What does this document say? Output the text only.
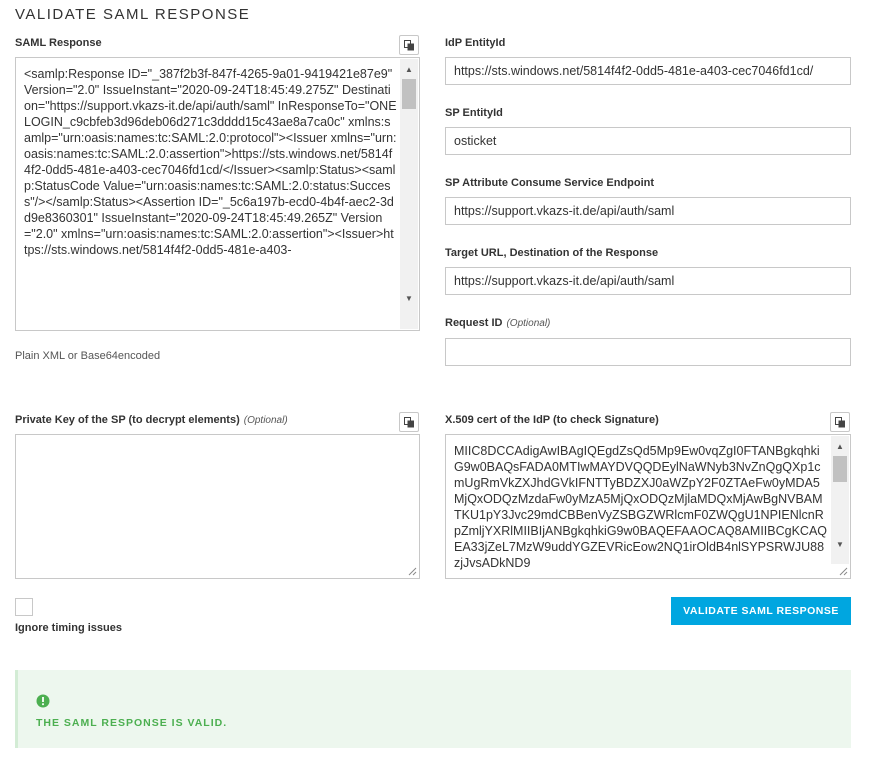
VALIDATE SAML RESPONSE
SAML Response
<samlp:Response ID="_387f2b3f-847f-4265-9a01-9419421e87e9" Version="2.0" IssueInstant="2020-09-24T18:45:49.275Z" Destination="https://support.vkazs-it.de/api/auth/saml" InResponseTo="ONELOGIN_c9cbfeb3d96deb06d271c3dddd15c43ae8a7ca0c" xmlns:samlp="urn:oasis:names:tc:SAML:2.0:protocol"><Issuer xmlns="urn:oasis:names:tc:SAML:2.0:assertion">https://sts.windows.net/5814f4f2-0dd5-481e-a403-cec7046fd1cd/</Issuer><samlp:Status><samlp:StatusCode Value="urn:oasis:names:tc:SAML:2.0:status:Success"/></samlp:Status><Assertion ID="_5c6a197b-ecd0-4b4f-aec2-3dd9e8360301" IssueInstant="2020-09-24T18:45:49.265Z" Version="2.0" xmlns="urn:oasis:names:tc:SAML:2.0:assertion"><Issuer>https://sts.windows.net/5814f4f2-0dd5-481e-a403-
▲
▼
Plain XML or Base64encoded
Private Key of the SP (to decrypt elements) (Optional)
Ignore timing issues
IdP EntityId
https://sts.windows.net/5814f4f2-0dd5-481e-a403-cec7046fd1cd/
SP EntityId
osticket
SP Attribute Consume Service Endpoint
https://support.vkazs-it.de/api/auth/saml
Target URL, Destination of the Response
https://support.vkazs-it.de/api/auth/saml
Request ID (Optional)
X.509 cert of the IdP (to check Signature)
MIIC8DCCAdigAwIBAgIQEgdZsQd5Mp9Ew0vqZgI0FTANBgkqhkiG9w0BAQsFADA0MTIwMAYDVQQDEylNaWNyb3NvZnQgQXp1cmUgRmVkZXJhdGVkIFNTTyBDZXJ0aWZpY2F0ZTAeFw0yMDA5MjQxODQzMzdaFw0yMzA5MjQxODQzMjlaMDQxMjAwBgNVBAMTKU1pY3Jvc29mdCBBenVyZSBGZWRlcmF0ZWQgU1NPIENlcnRpZmljYXRlMIIBIjANBgkqhkiG9w0BAQEFAAOCAQ8AMIIBCgKCAQEA33jZeL7MzW9uddYGZEVRicEow2NQ1irOldB4nlSYPSRWJU88zjJvsADkND9
▲
▼
VALIDATE SAML RESPONSE
THE SAML RESPONSE IS VALID.
